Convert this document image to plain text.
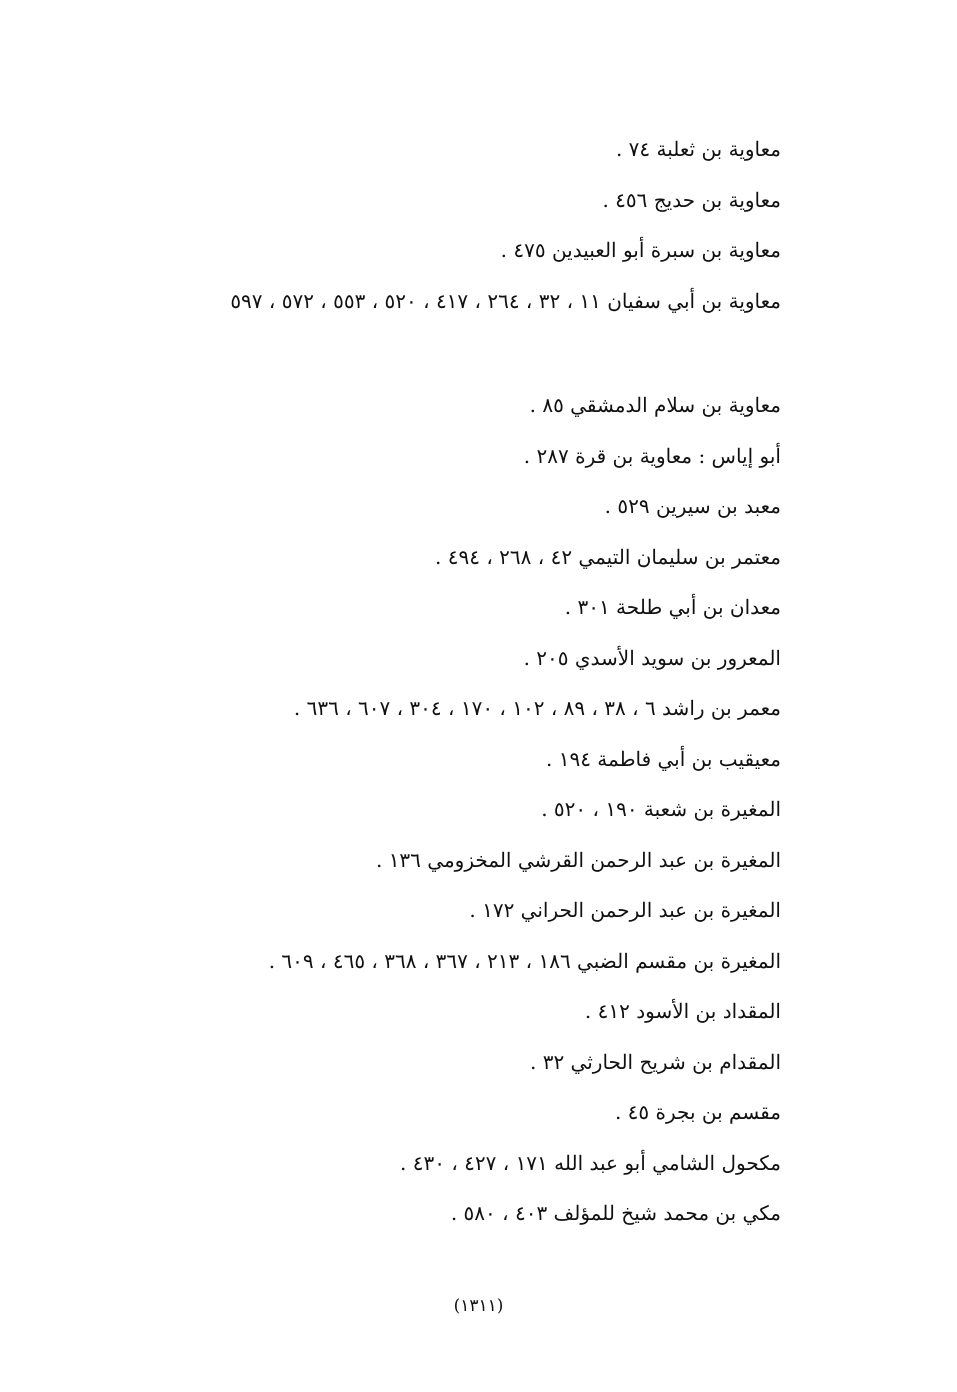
معاوية بن ثعلبة ٧٤ .
معاوية بن حديج ٤٥٦ .
معاوية بن سبرة أبو العبيدين ٤٧٥ .
معاوية بن أبي سفيان ١١ ، ٣٢ ، ٢٦٤ ، ٤١٧ ، ٥٢٠ ، ٥٥٣ ، ٥٧٢ ، ٥٩٧
معاوية بن سلام الدمشقي ٨٥ .
أبو إياس : معاوية بن قرة ٢٨٧ .
معبد بن سيرين ٥٢٩ .
معتمر بن سليمان التيمي ٤٢ ، ٢٦٨ ، ٤٩٤ .
معدان بن أبي طلحة ٣٠١ .
المعرور بن سويد الأسدي ٢٠٥ .
معمر بن راشد ٦ ، ٣٨ ، ٨٩ ، ١٠٢ ، ١٧٠ ، ٣٠٤ ، ٦٠٧ ، ٦٣٦ .
معيقيب بن أبي فاطمة ١٩٤ .
المغيرة بن شعبة ١٩٠ ، ٥٢٠ .
المغيرة بن عبد الرحمن القرشي المخزومي ١٣٦ .
المغيرة بن عبد الرحمن الحراني ١٧٢ .
المغيرة بن مقسم الضبي ١٨٦ ، ٢١٣ ، ٣٦٧ ، ٣٦٨ ، ٤٦٥ ، ٦٠٩ .
المقداد بن الأسود ٤١٢ .
المقدام بن شريح الحارثي ٣٢ .
مقسم بن بجرة ٤٥ .
مكحول الشامي أبو عبد الله ١٧١ ، ٤٢٧ ، ٤٣٠ .
مكي بن محمد شيخ للمؤلف ٤٠٣ ، ٥٨٠ .
(١٣١١)
